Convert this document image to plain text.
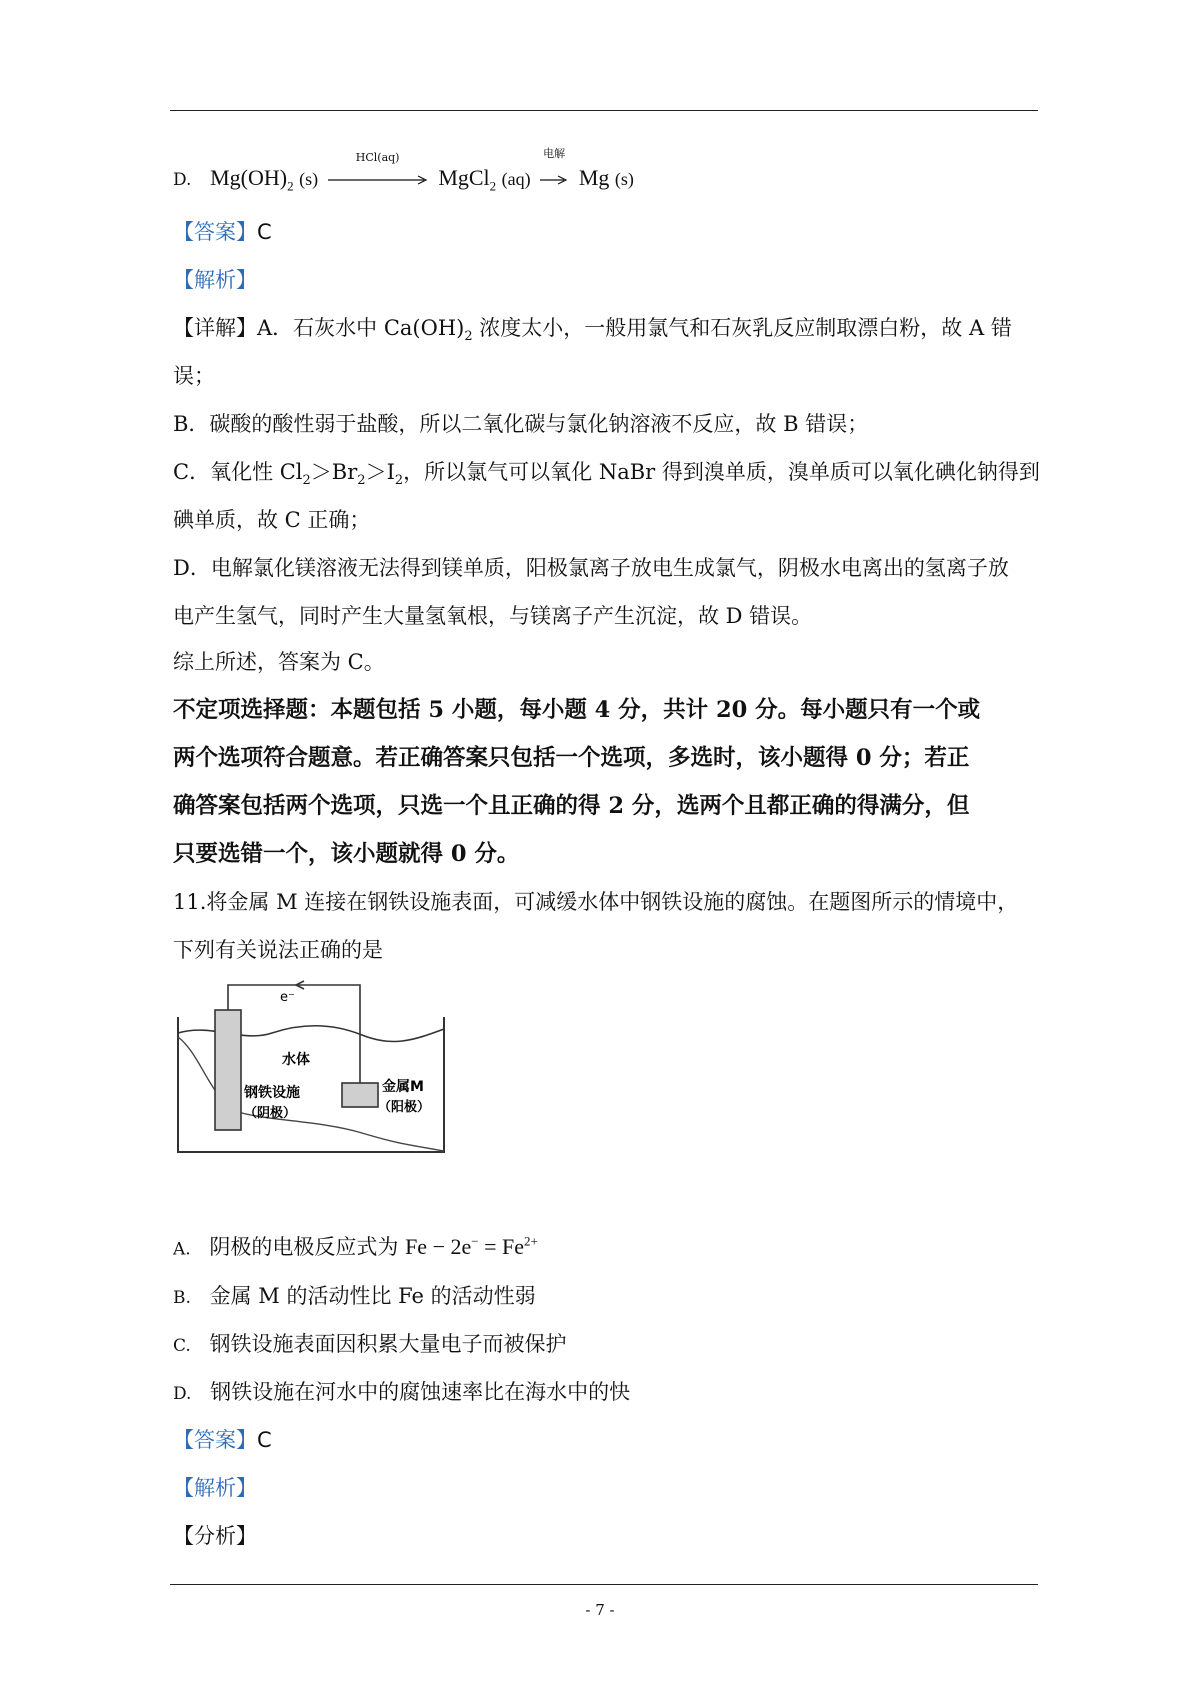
D. $Mg(OH)_2$ (s)
HCl(aq)
MgCl$_2$ (aq)
电解
Mg (s)
【答案】C
【解析】
【详解】A．石灰水中 $Ca(OH)_2$ 浓度太小，一般用氯气和石灰乳反应制取漂白粉，故 A 错
误；
B．碳酸的酸性弱于盐酸，所以二氧化碳与氯化钠溶液不反应，故 B 错误；
C．氧化性 $Cl_2>Br_2>I_2$，所以氯气可以氧化 NaBr 得到溴单质，溴单质可以氧化碘化钠得到
碘单质，故 C 正确；
D．电解氯化镁溶液无法得到镁单质，阳极氯离子放电生成氯气，阴极水电离出的氢离子放
电产生氢气，同时产生大量氢氧根，与镁离子产生沉淀，故 D 错误。
综上所述，答案为 C。
不定项选择题：本题包括 5 小题，每小题 4 分，共计 20 分。每小题只有一个或
两个选项符合题意。若正确答案只包括一个选项，多选时，该小题得 0 分；若正
确答案包括两个选项，只选一个且正确的得 2 分，选两个且都正确的得满分，但
只要选错一个，该小题就得 0 分。
11.将金属 M 连接在钢铁设施表面，可减缓水体中钢铁设施的腐蚀。在题图所示的情境中，
下列有关说法正确的是
e⁻
水体
钢铁设施
（阴极）
金属M
（阳极）
A. 阴极的电极反应式为 $Fe - 2e^- = Fe^{2+}$
B. 金属 M 的活动性比 Fe 的活动性弱
C. 钢铁设施表面因积累大量电子而被保护
D. 钢铁设施在河水中的腐蚀速率比在海水中的快
【答案】C
【解析】
【分析】
- 7 -
